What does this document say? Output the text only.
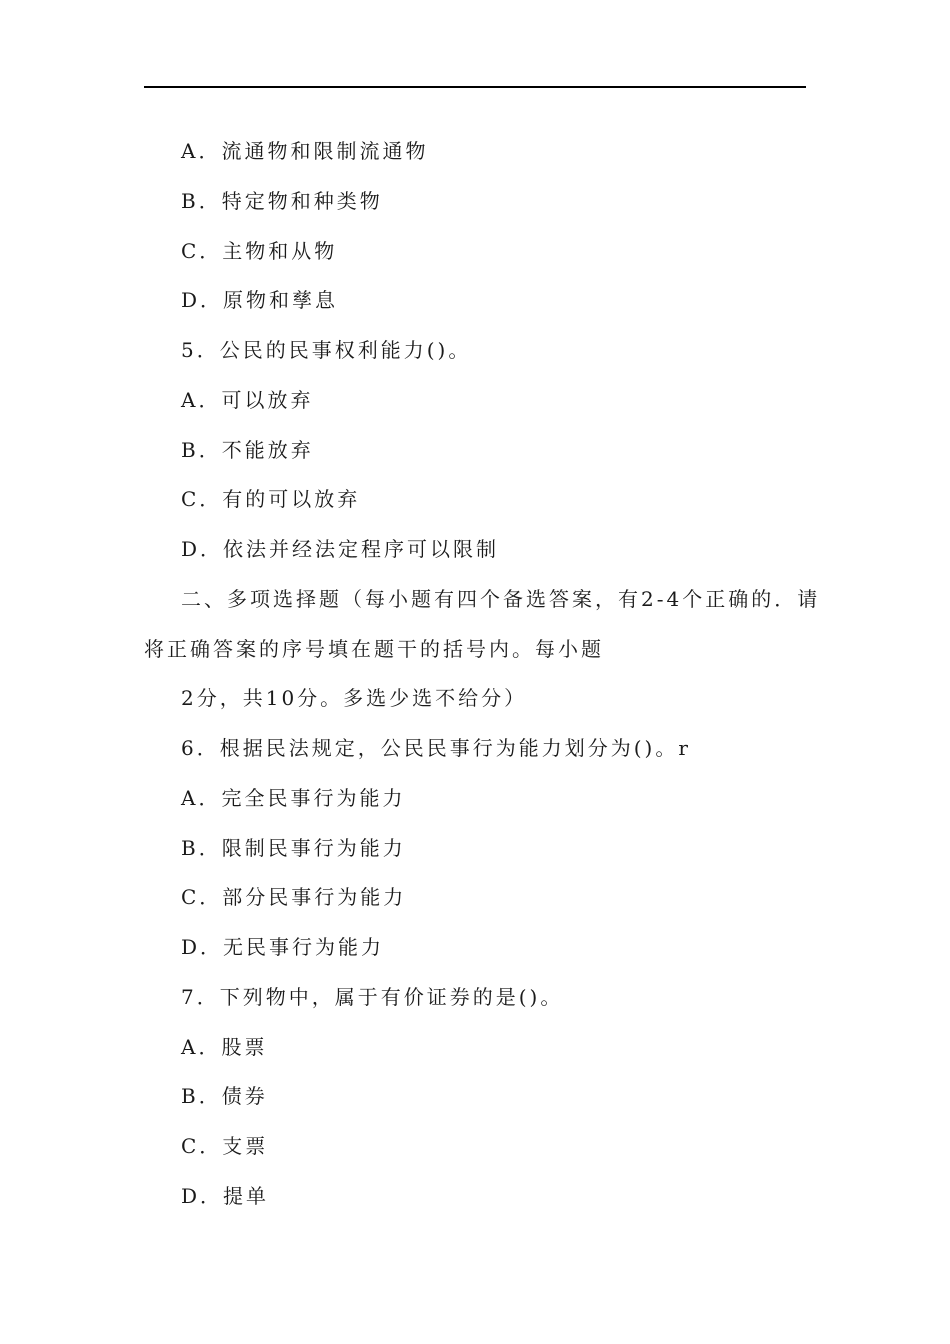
A．流通物和限制流通物
B．特定物和种类物
C．主物和从物
D．原物和孳息
5．公民的民事权利能力()。
A．可以放弃
B．不能放弃
C．有的可以放弃
D．依法并经法定程序可以限制
二、多项选择题（每小题有四个备选答案，有2-4个正确的．请
将正确答案的序号填在题干的括号内。每小题
2分，共10分。多选少选不给分）
6．根据民法规定，公民民事行为能力划分为()。r
A．完全民事行为能力
B．限制民事行为能力
C．部分民事行为能力
D．无民事行为能力
7．下列物中，属于有价证券的是()。
A．股票
B．债券
C．支票
D．提单
